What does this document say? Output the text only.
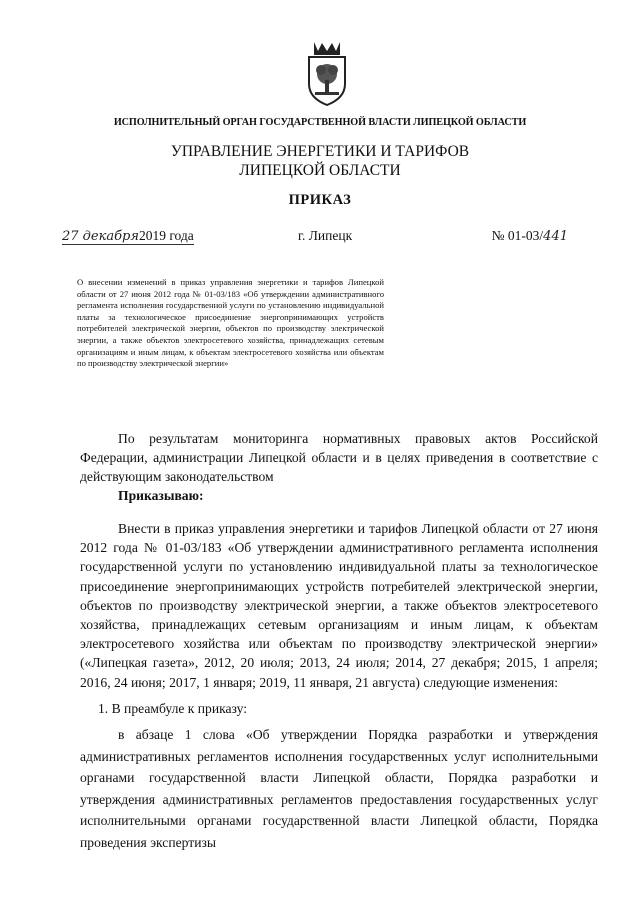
ИСПОЛНИТЕЛЬНЫЙ ОРГАН ГОСУДАРСТВЕННОЙ ВЛАСТИ ЛИПЕЦКОЙ ОБЛАСТИ
УПРАВЛЕНИЕ ЭНЕРГЕТИКИ И ТАРИФОВ
ЛИПЕЦКОЙ ОБЛАСТИ
ПРИКАЗ
27 декабря2019 года	г. Липецк	№ 01-03/441
О внесении изменений в приказ управления энергетики и тарифов Липецкой области от 27 июня 2012 года № 01-03/183 «Об утверждении административного регламента исполнения государственной услуги по установлению индивидуальной платы за технологическое присоединение энергопринимающих устройств потребителей электрической энергии, объектов по производству электрической энергии, а также объектов электросетевого хозяйства, принадлежащих сетевым организациям и иным лицам, к объектам электросетевого хозяйства или объектам по производству электрической энергии»
По результатам мониторинга нормативных правовых актов Российской Федерации, администрации Липецкой области и в целях приведения в соответствие с действующим законодательством
Приказываю:
Внести в приказ управления энергетики и тарифов Липецкой области от 27 июня 2012 года № 01-03/183 «Об утверждении административного регламента исполнения государственной услуги по установлению индивидуальной платы за технологическое присоединение энергопринимающих устройств потребителей электрической энергии, объектов по производству электрической энергии, а также объектов электросетевого хозяйства, принадлежащих сетевым организациям и иным лицам, к объектам электросетевого хозяйства или объектам по производству электрической энергии» («Липецкая газета», 2012, 20 июля; 2013, 24 июля; 2014, 27 декабря; 2015, 1 апреля; 2016, 24 июня; 2017, 1 января; 2019, 11 января, 21 августа) следующие изменения:
1. В преамбуле к приказу:
в абзаце 1 слова «Об утверждении Порядка разработки и утверждения административных регламентов исполнения государственных услуг исполнительными органами государственной власти Липецкой области, Порядка разработки и утверждения административных регламентов предоставления государственных услуг исполнительными органами государственной власти Липецкой области, Порядка проведения экспертизы
